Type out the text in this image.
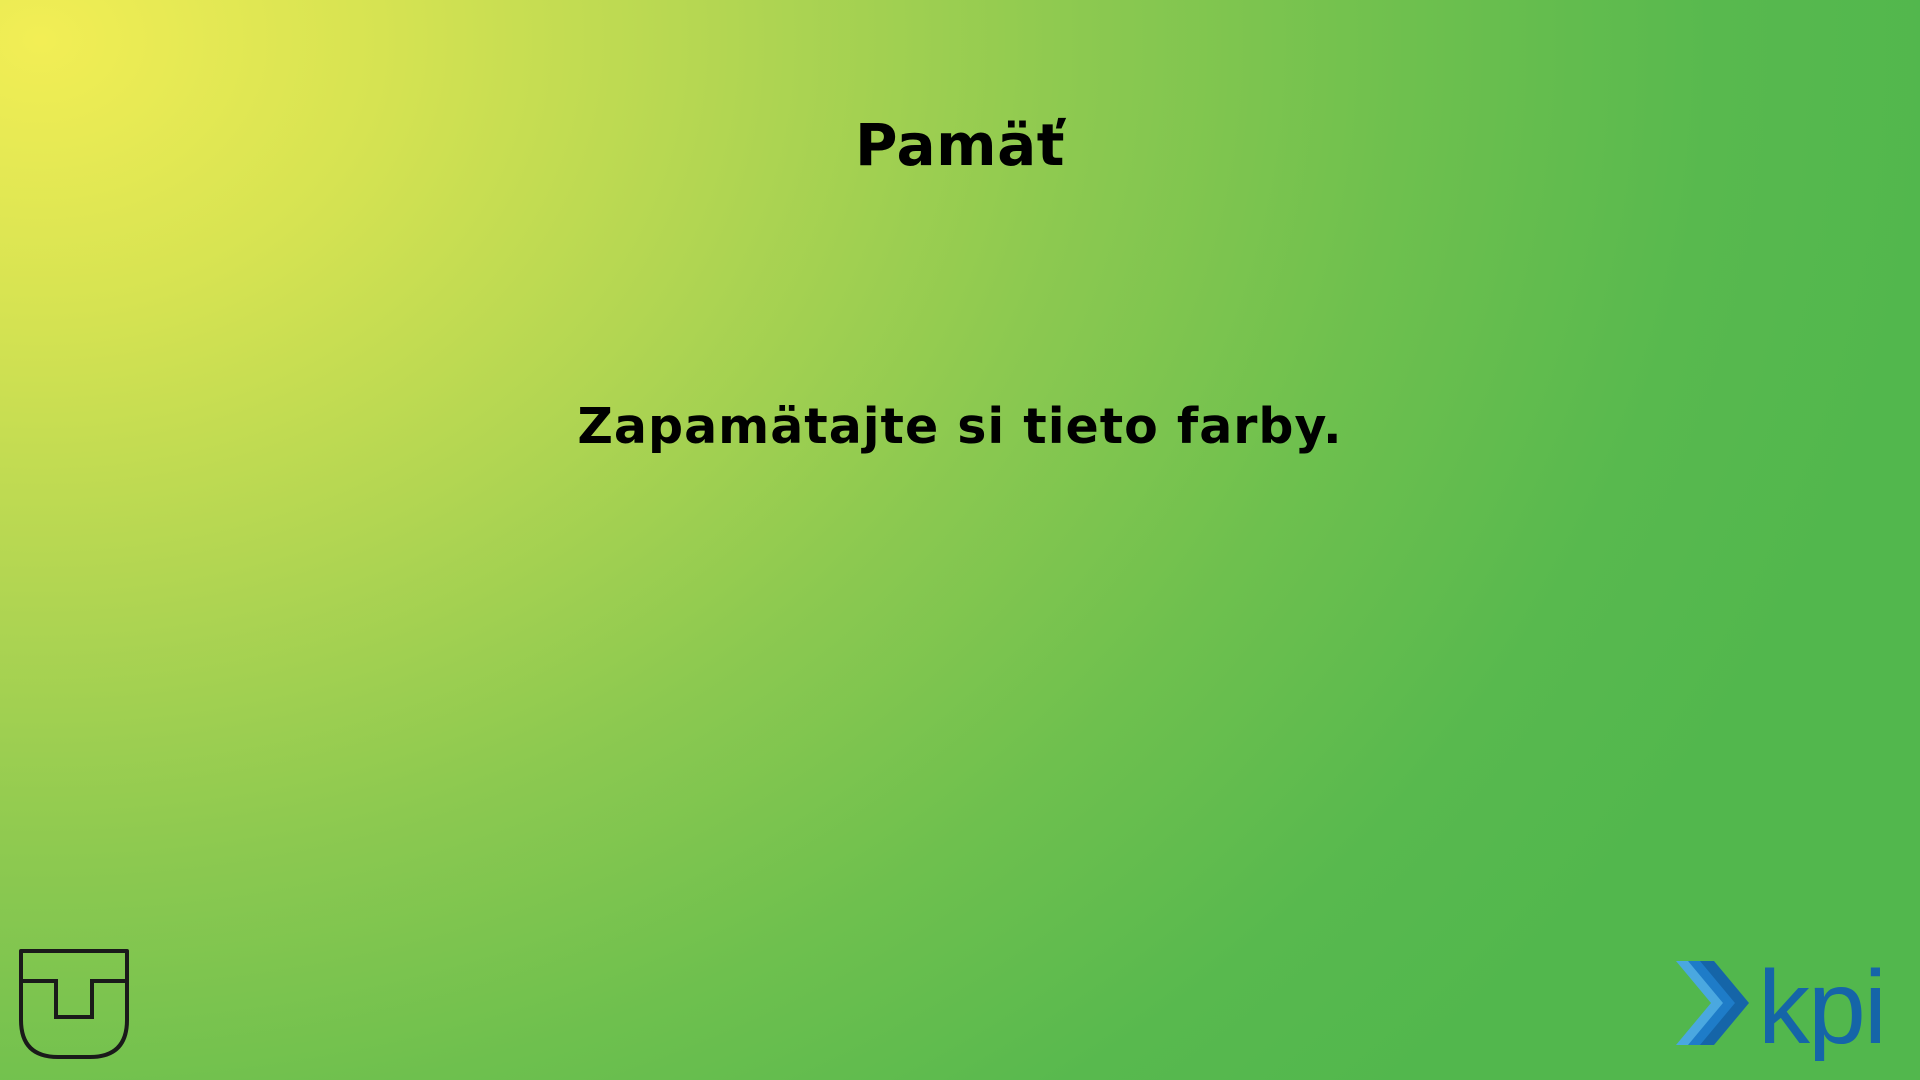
Pamäť
Zapamätajte si tieto farby.
kpi
